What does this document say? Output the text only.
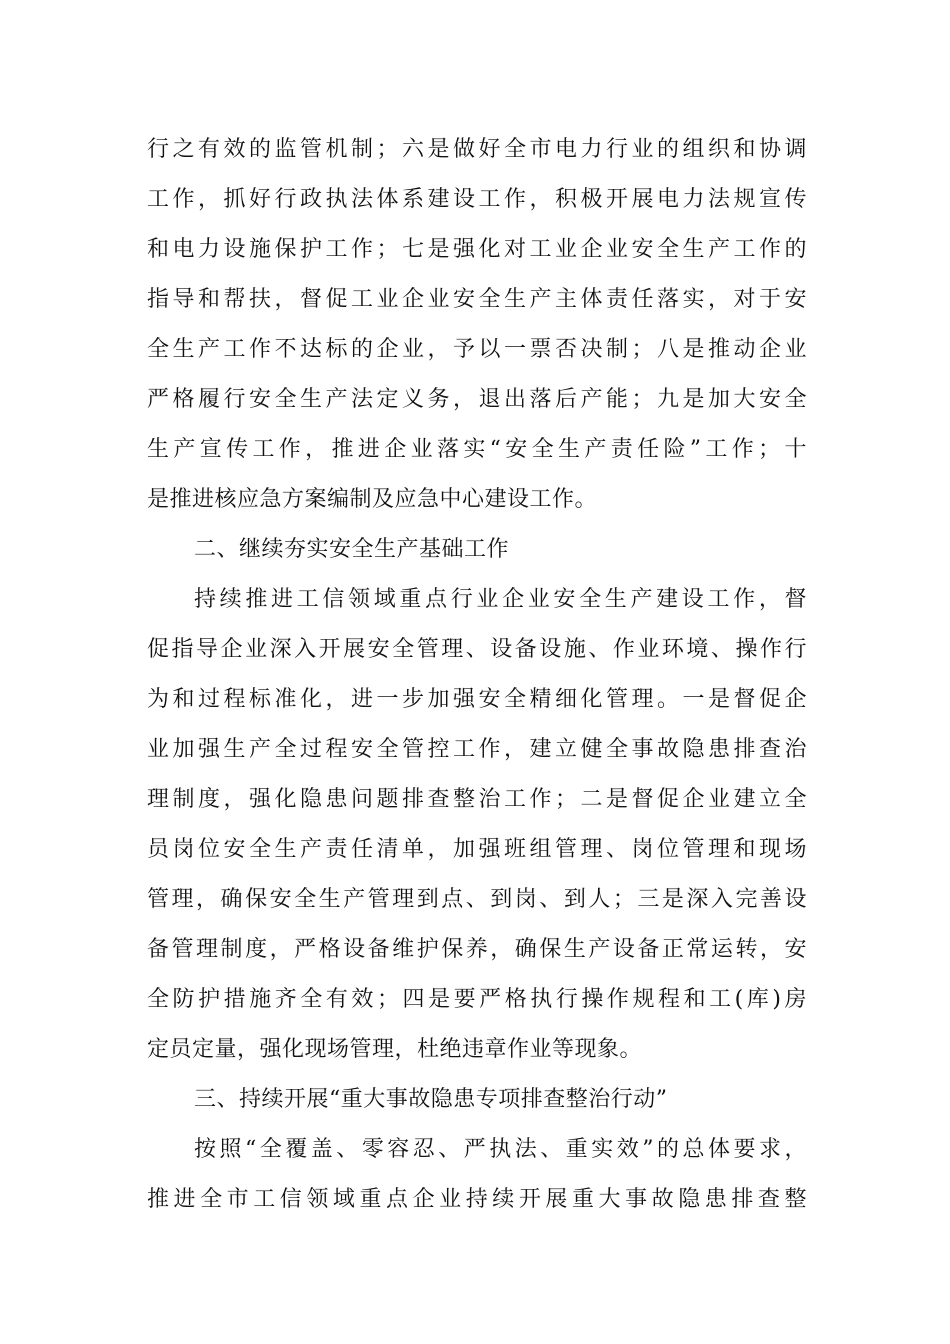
行之有效的监管机制；六是做好全市电力行业的组织和协调
工作，抓好行政执法体系建设工作，积极开展电力法规宣传
和电力设施保护工作；七是强化对工业企业安全生产工作的
指导和帮扶，督促工业企业安全生产主体责任落实，对于安
全生产工作不达标的企业，予以一票否决制；八是推动企业
严格履行安全生产法定义务，退出落后产能；九是加大安全
生产宣传工作，推进企业落实“安全生产责任险”工作；十
是推进核应急方案编制及应急中心建设工作。
二、继续夯实安全生产基础工作
持续推进工信领域重点行业企业安全生产建设工作，督
促指导企业深入开展安全管理、设备设施、作业环境、操作行
为和过程标准化，进一步加强安全精细化管理。一是督促企
业加强生产全过程安全管控工作，建立健全事故隐患排查治
理制度，强化隐患问题排查整治工作；二是督促企业建立全
员岗位安全生产责任清单，加强班组管理、岗位管理和现场
管理，确保安全生产管理到点、到岗、到人；三是深入完善设
备管理制度，严格设备维护保养，确保生产设备正常运转，安
全防护措施齐全有效；四是要严格执行操作规程和工(库)房
定员定量，强化现场管理，杜绝违章作业等现象。
三、持续开展“重大事故隐患专项排查整治行动”
按照“全覆盖、零容忍、严执法、重实效”的总体要求，
推进全市工信领域重点企业持续开展重大事故隐患排查整
